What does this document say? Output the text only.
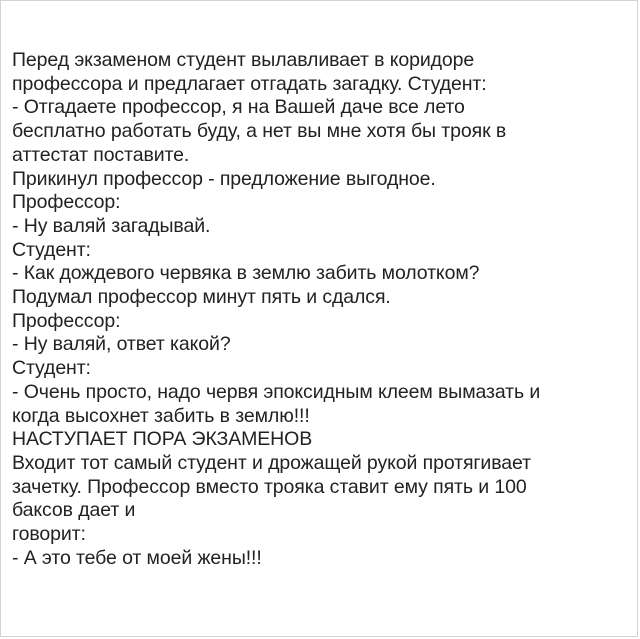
Перед экзаменом студент вылавливает в коридоре
профессора и предлагает отгадать загадку. Студент:
- Отгадаете профессор, я на Вашей даче все лето
бесплатно работать буду, а нет вы мне хотя бы трояк в
аттестат поставите.
Прикинул профессор - предложение выгодное.
Профессор:
- Ну валяй загадывай.
Студент:
- Как дождевого червяка в землю забить молотком?
Подумал профессор минут пять и сдался.
Профессор:
- Ну валяй, ответ какой?
Студент:
- Очень просто, надо червя эпоксидным клеем вымазать и
когда высохнет забить в землю!!!
НАСТУПАЕТ ПОРА ЭКЗАМЕНОВ
Входит тот самый студент и дрожащей рукой протягивает
зачетку. Профессор вместо трояка ставит ему пять и 100
баксов дает и
говорит:
- А это тебе от моей жены!!!
